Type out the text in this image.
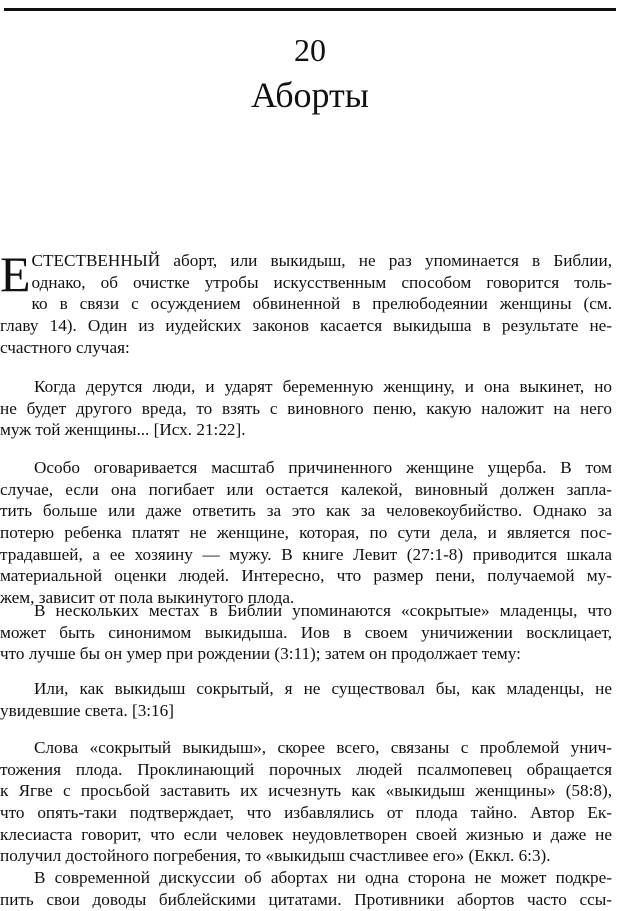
20
Аборты
Е СТЕСТВЕННЫЙ аборт, или выкидыш, не раз упоминается в Библии,
однако, об очистке утробы искусственным способом говорится толь-
ко в связи с осуждением обвиненной в прелюбодеянии женщины (см.
главу 14). Один из иудейских законов касается выкидыша в результате не-
счастного случая:
Когда дерутся люди, и ударят беременную женщину, и она выкинет, но
не будет другого вреда, то взять с виновного пеню, какую наложит на него
муж той женщины... [Исх. 21:22].
Особо оговаривается масштаб причиненного женщине ущерба. В том
случае, если она погибает или остается калекой, виновный должен запла-
тить больше или даже ответить за это как за человекоубийство. Однако за
потерю ребенка платят не женщине, которая, по сути дела, и является пос-
традавшей, а ее хозяину — мужу. В книге Левит (27:1-8) приводится шкала
материальной оценки людей. Интересно, что размер пени, получаемой му-
жем, зависит от пола выкинутого плода.
В нескольких местах в Библии упоминаются «сокрытые» младенцы, что
может быть синонимом выкидыша. Иов в своем уничижении восклицает,
что лучше бы он умер при рождении (3:11); затем он продолжает тему:
Или, как выкидыш сокрытый, я не существовал бы, как младенцы, не
увидевшие света. [3:16]
Слова «сокрытый выкидыш», скорее всего, связаны с проблемой унич-
тожения плода. Проклинающий порочных людей псалмопевец обращается
к Ягве с просьбой заставить их исчезнуть как «выкидыш женщины» (58:8),
что опять-таки подтверждает, что избавлялись от плода тайно. Автор Ек-
клесиаста говорит, что если человек неудовлетворен своей жизнью и даже не
получил достойного погребения, то «выкидыш счастливее его» (Еккл. 6:3).
В современной дискуссии об абортах ни одна сторона не может подкре-
пить свои доводы библейскими цитатами. Противники абортов часто ссы-
